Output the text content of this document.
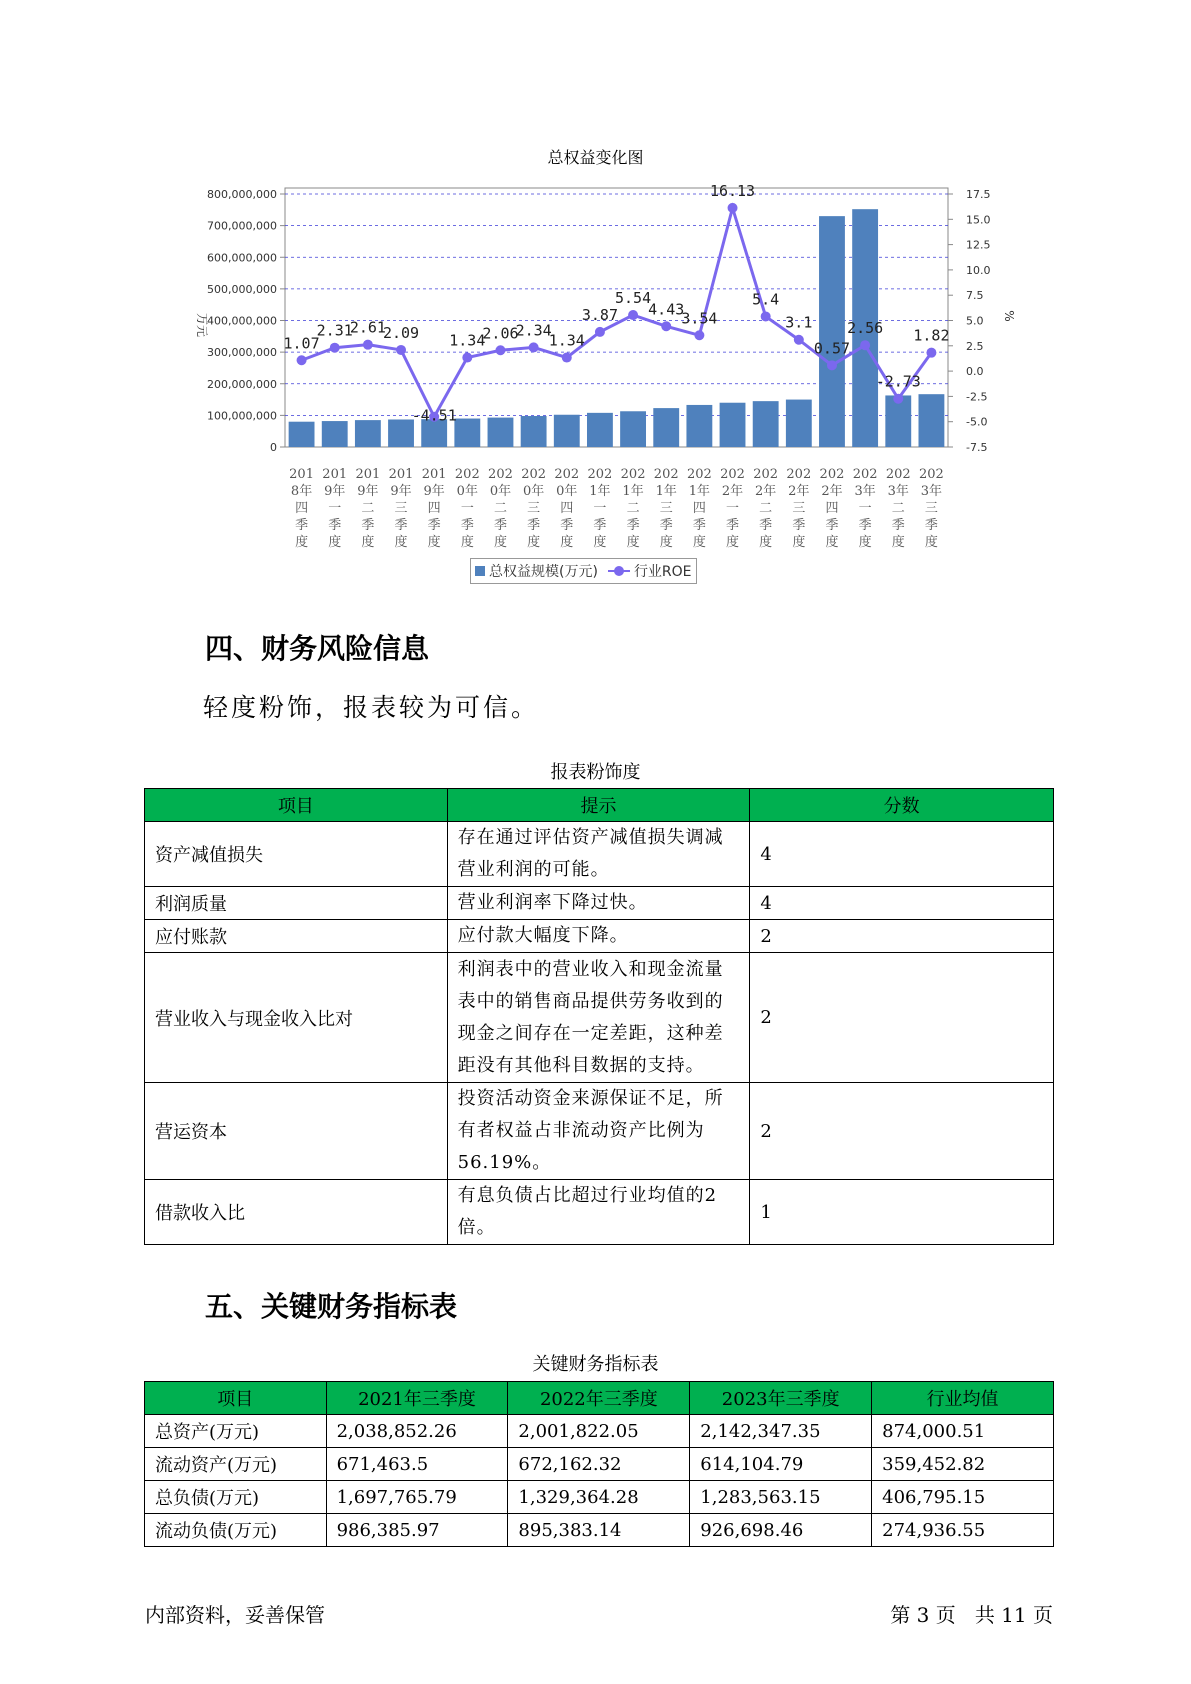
总权益变化图
0
100,000,000
200,000,000
300,000,000
400,000,000
500,000,000
600,000,000
700,000,000
800,000,000
-7.5
-5.0
-2.5
0.0
2.5
5.0
7.5
10.0
12.5
15.0
17.5
万元	%
201
8年
四
季
度
201
9年
一
季
度
201
9年
二
季
度
201
9年
三
季
度
201
9年
四
季
度
202
0年
一
季
度
202
0年
二
季
度
202
0年
三
季
度
202
0年
四
季
度
202
1年
一
季
度
202
1年
二
季
度
202
1年
三
季
度
202
1年
四
季
度
202
2年
一
季
度
202
2年
二
季
度
202
2年
三
季
度
202
2年
四
季
度
202
3年
一
季
度
202
3年
二
季
度
202
3年
三
季
度
1.07
2.31
2.61
2.09
-4.51
1.34
2.06
2.34
1.34
3.87
5.54
4.43
3.54
16.13
5.4
3.1
0.57
2.56
-2.73
1.82
总权益规模(万元)	行业ROE
四、财务风险信息

轻度粉饰，报表较为可信。

报表粉饰度
项目	提示	分数
资产减值损失	存在通过评估资产减值损失调减营业利润的可能。	4
利润质量	营业利润率下降过快。	4
应付账款	应付款大幅度下降。	2
营业收入与现金收入比对	利润表中的营业收入和现金流量表中的销售商品提供劳务收到的现金之间存在一定差距，这种差距没有其他科目数据的支持。	2
营运资本	投资活动资金来源保证不足，所有者权益占非流动资产比例为56.19%。	2
借款收入比	有息负债占比超过行业均值的2倍。	1
五、关键财务指标表
关键财务指标表
项目	2021年三季度	2022年三季度	2023年三季度	行业均值
总资产(万元)	2,038,852.26	2,001,822.05	2,142,347.35	874,000.51
流动资产(万元)	671,463.5	672,162.32	614,104.79	359,452.82
总负债(万元)	1,697,765.79	1,329,364.28	1,283,563.15	406,795.15
流动负债(万元)	986,385.97	895,383.14	926,698.46	274,936.55
内部资料，妥善保管	第 3 页   共 11 页
